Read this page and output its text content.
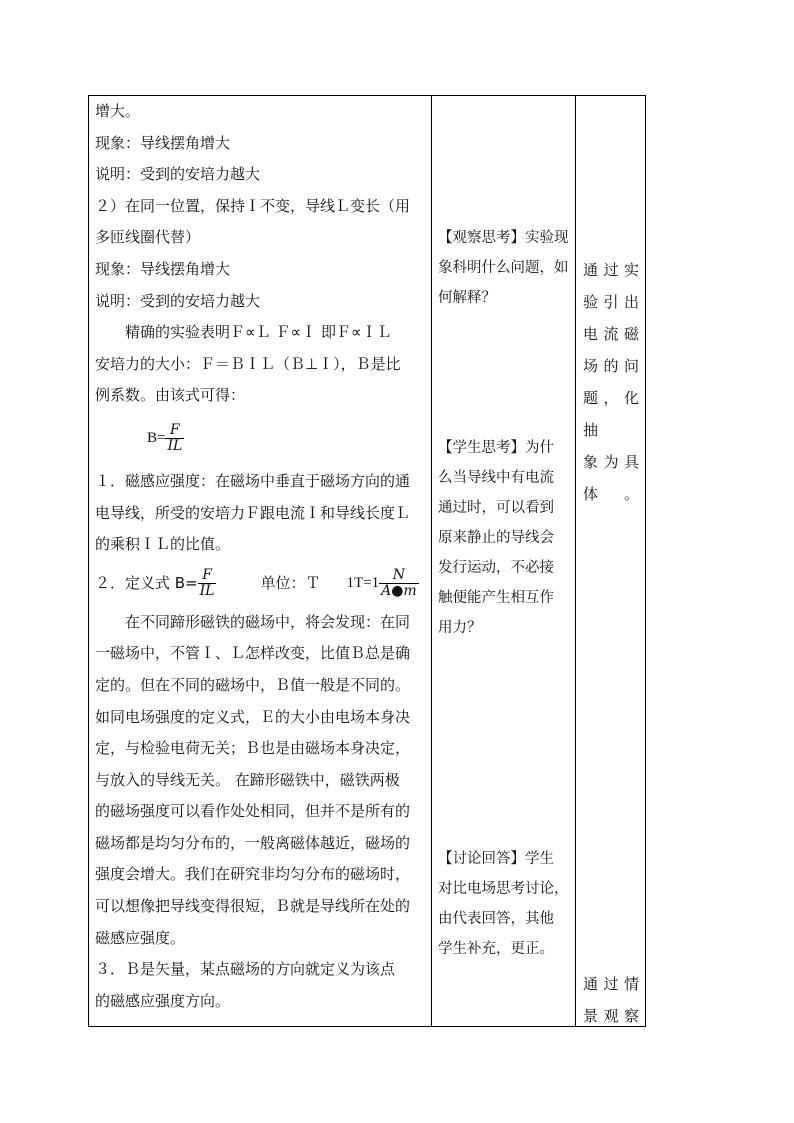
增大。
现象：导线摆角增大
说明：受到的安培力越大
２）在同一位置，保持Ｉ不变，导线Ｌ变长（用
多匝线圈代替）
现象：导线摆角增大
说明：受到的安培力越大
　　精确的实验表明Ｆ∝Ｌ Ｆ∝Ｉ 即Ｆ∝ＩＬ
安培力的大小：Ｆ＝ＢＩＬ（Ｂ⊥Ｉ），Ｂ是比
例系数。由该式可得：
$B= \frac{F}{IL}$
１．磁感应强度：在磁场中垂直于磁场方向的通
电导线，所受的安培力Ｆ跟电流Ｉ和导线长度Ｌ
的乘积ＩＬ的比值。
２．定义式 $B= \frac{F}{IL}$	单位：Ｔ $1T=1 \frac{N}{A●m}$
　　在不同蹄形磁铁的磁场中，将会发现：在同
一磁场中，不管Ｉ、Ｌ怎样改变，比值Ｂ总是确
定的。但在不同的磁场中，Ｂ值一般是不同的。
如同电场强度的定义式，Ｅ的大小由电场本身决
定，与检验电荷无关；Ｂ也是由磁场本身决定，
与放入的导线无关。 在蹄形磁铁中，磁铁两极
的磁场强度可以看作处处相同，但并不是所有的
磁场都是均匀分布的，一般离磁体越近，磁场的
强度会增大。我们在研究非均匀分布的磁场时，
可以想像把导线变得很短，Ｂ就是导线所在处的
磁感应强度。
３．Ｂ是矢量，某点磁场的方向就定义为该点
的磁感应强度方向。
【观察思考】实验现
象科明什么问题，如
何解释？
【学生思考】为什
么当导线中有电流
通过时，可以看到
原来静止的导线会
发行运动，不必接
触便能产生相互作
用力？
【讨论回答】学生
对比电场思考讨论，
由代表回答，其他
学生补充，更正。
通过实
验引出
电流磁
场的问
题，化抽
象为具
体。
通过情
景观察
